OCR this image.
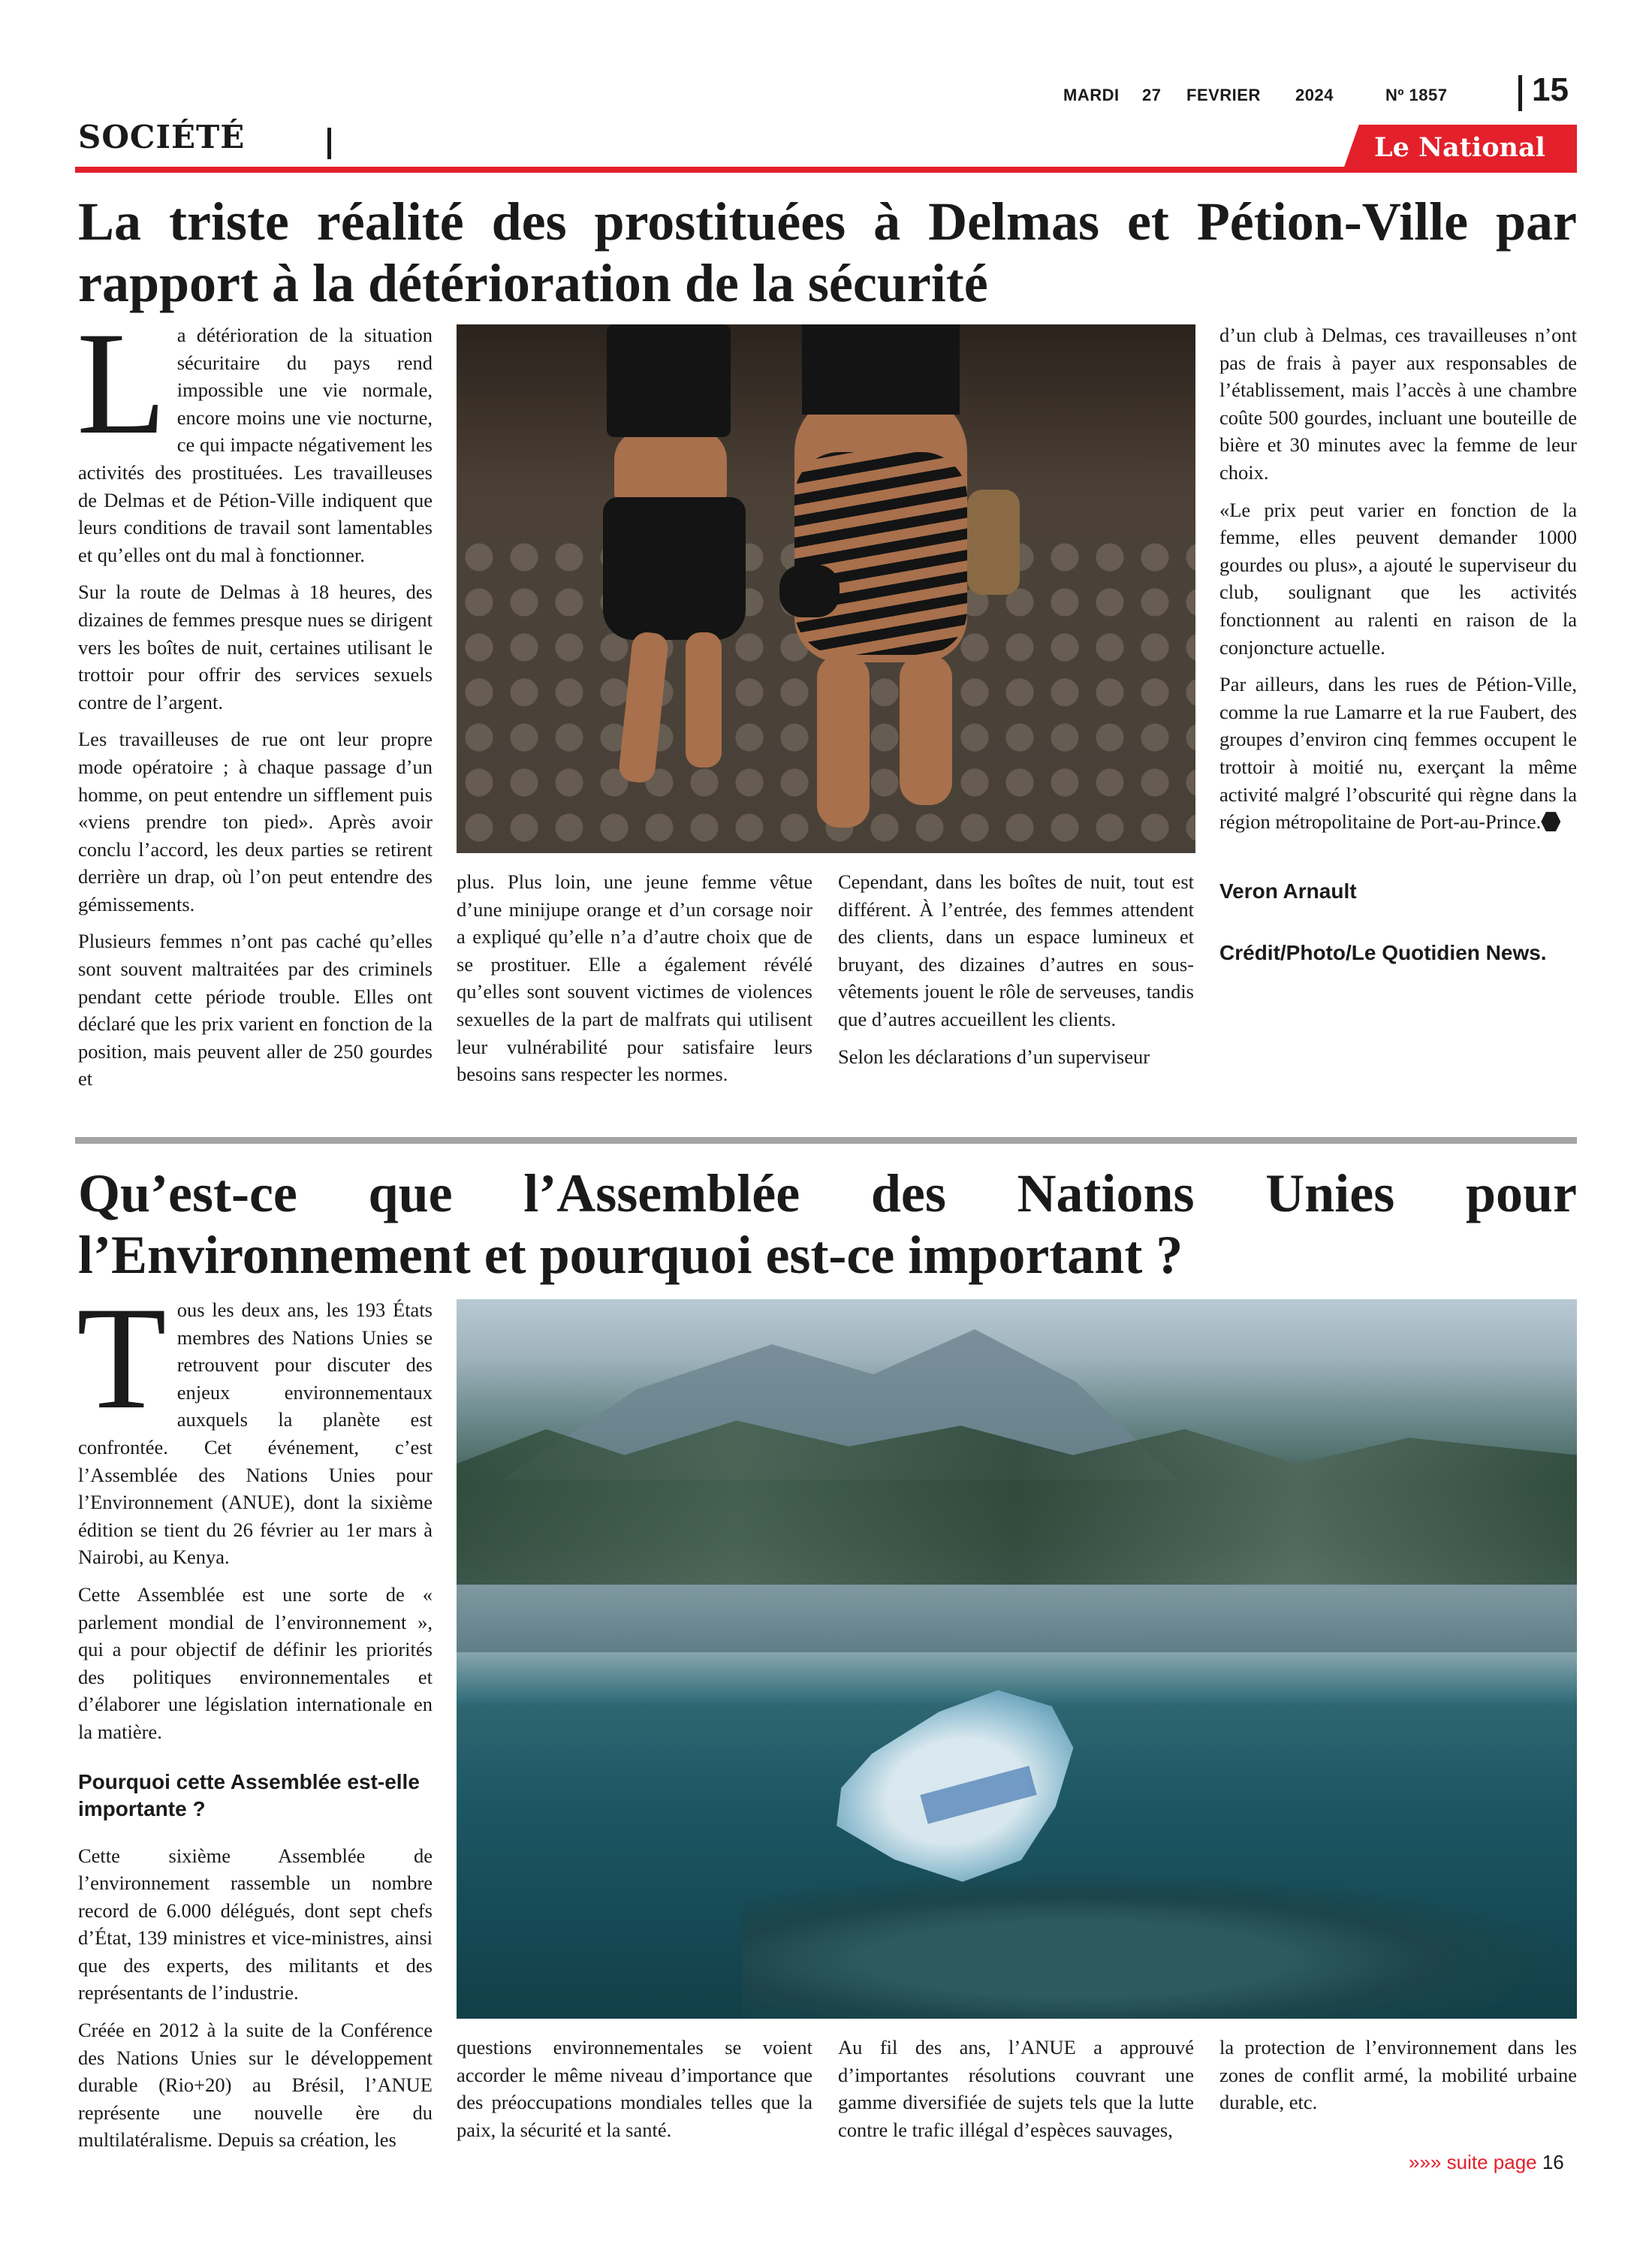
MARDI 27 FEVRIER 2024	Nº 1857	15
SOCIÉTÉ	Le National
La triste réalité des prostituées à Delmas et Pétion-Ville par rapport à la détérioration de la sécurité

La détérioration de la situation sécuritaire du pays rend impossible une vie normale, encore moins une vie nocturne, ce qui impacte négativement les activités des prostituées. Les travailleuses de Delmas et de Pétion-Ville indiquent que leurs conditions de travail sont lamentables et qu’elles ont du mal à fonctionner.

Sur la route de Delmas à 18 heures, des dizaines de femmes presque nues se dirigent vers les boîtes de nuit, certaines utilisant le trottoir pour offrir des services sexuels contre de l’argent.

Les travailleuses de rue ont leur propre mode opératoire ; à chaque passage d’un homme, on peut entendre un sifflement puis «viens prendre ton pied». Après avoir conclu l’accord, les deux parties se retirent derrière un drap, où l’on peut entendre des gémissements.

Plusieurs femmes n’ont pas caché qu’elles sont souvent maltraitées par des criminels pendant cette période trouble. Elles ont déclaré que les prix varient en fonction de la position, mais peuvent aller de 250 gourdes et

plus. Plus loin, une jeune femme vêtue d’une minijupe orange et d’un corsage noir a expliqué qu’elle n’a d’autre choix que de se prostituer. Elle a également révélé qu’elles sont souvent victimes de violences sexuelles de la part de malfrats qui utilisent leur vulnérabilité pour satisfaire leurs besoins sans respecter les normes.

Cependant, dans les boîtes de nuit, tout est différent. À l’entrée, des femmes attendent des clients, dans un espace lumineux et bruyant, des dizaines d’autres en sous-vêtements jouent le rôle de serveuses, tandis que d’autres accueillent les clients.

Selon les déclarations d’un superviseur

d’un club à Delmas, ces travailleuses n’ont pas de frais à payer aux responsables de l’établissement, mais l’accès à une chambre coûte 500 gourdes, incluant une bouteille de bière et 30 minutes avec la femme de leur choix.

«Le prix peut varier en fonction de la femme, elles peuvent demander 1000 gourdes ou plus», a ajouté le superviseur du club, soulignant que les activités fonctionnent au ralenti en raison de la conjoncture actuelle.

Par ailleurs, dans les rues de Pétion-Ville, comme la rue Lamarre et la rue Faubert, des groupes d’environ cinq femmes occupent le trottoir à moitié nu, exerçant la même activité malgré l’obscurité qui règne dans la région métropolitaine de Port-au-Prince.

Veron Arnault

Crédit/Photo/Le Quotidien News.

Qu’est-ce que l’Assemblée des Nations Unies pour
l’Environnement et pourquoi est-ce important ?

Tous les deux ans, les 193 États membres des Nations Unies se retrouvent pour discuter des enjeux environnementaux auxquels la planète est confrontée. Cet événement, c’est l’Assemblée des Nations Unies pour l’Environnement (ANUE), dont la sixième édition se tient du 26 février au 1er mars à Nairobi, au Kenya.

Cette Assemblée est une sorte de « parlement mondial de l’environnement », qui a pour objectif de définir les priorités des politiques environnementales et d’élaborer une législation internationale en la matière.

Pourquoi cette Assemblée est-elle importante ?

Cette sixième Assemblée de l’environnement rassemble un nombre record de 6.000 délégués, dont sept chefs d’État, 139 ministres et vice-ministres, ainsi que des experts, des militants et des représentants de l’industrie.

Créée en 2012 à la suite de la Conférence des Nations Unies sur le développement durable (Rio+20) au Brésil, l’ANUE représente une nouvelle ère du multilatéralisme. Depuis sa création, les

questions environnementales se voient accorder le même niveau d’importance que des préoccupations mondiales telles que la paix, la sécurité et la santé.

Au fil des ans, l’ANUE a approuvé d’importantes résolutions couvrant une gamme diversifiée de sujets tels que la lutte contre le trafic illégal d’espèces sauvages,

la protection de l’environnement dans les zones de conflit armé, la mobilité urbaine durable, etc.

»»» suite page 16
